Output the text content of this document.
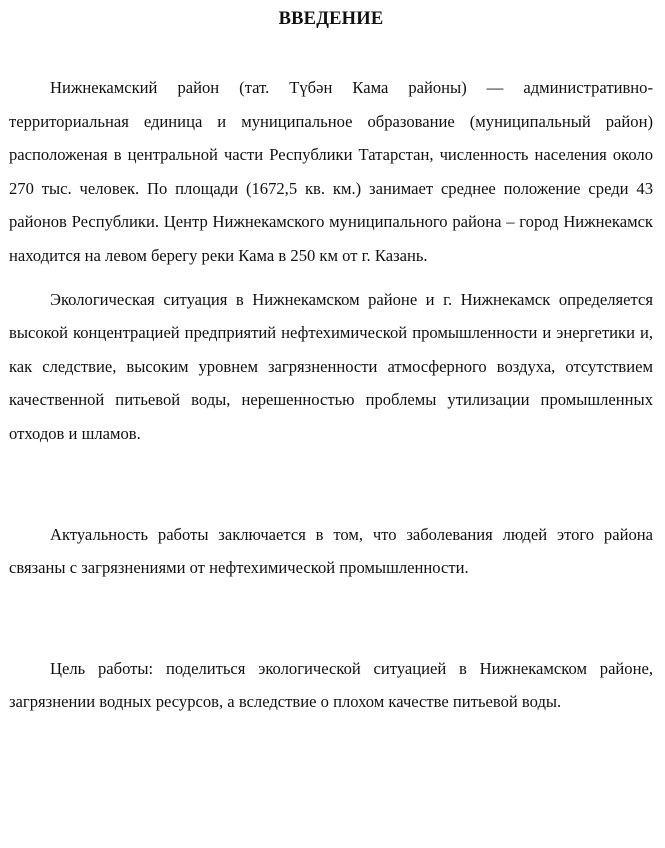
ВВЕДЕНИЕ

Нижнекамский район (тат. Түбән Кама районы) — административно-территориальная единица и муниципальное образование (муниципальный район) расположеная в центральной части Республики Татарстан, численность населения около 270 тыс. человек. По площади (1672,5 кв. км.) занимает среднее положение среди 43 районов Республики. Центр Нижнекамского муниципального района – город Нижнекамск находится на левом берегу реки Кама в 250 км от г. Казань.

Экологическая ситуация в Нижнекамском районе и г. Нижнекамск определяется высокой концентрацией предприятий нефтехимической промышленности и энергетики и, как следствие, высоким уровнем загрязненности атмосферного воздуха, отсутствием качественной питьевой воды, нерешенностью проблемы утилизации промышленных отходов и шламов.

Актуальность работы заключается в том, что заболевания людей этого района связаны с загрязнениями от нефтехимической промышленности.

Цель работы: поделиться экологической ситуацией в Нижнекамском районе, загрязнении водных ресурсов, а вследствие о плохом качестве питьевой воды.
